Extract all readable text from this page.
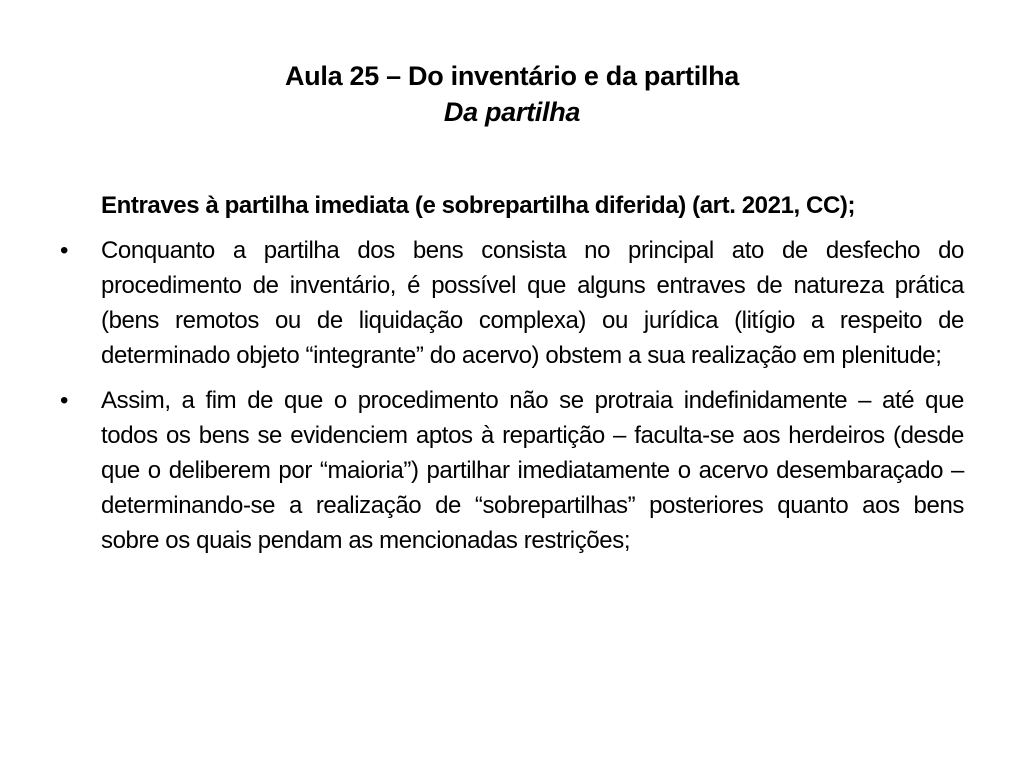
Aula 25 – Do inventário e da partilha
Da partilha
Entraves à partilha imediata (e sobrepartilha diferida) (art. 2021, CC);
•	Conquanto a partilha dos bens consista no principal ato de desfecho do procedimento de inventário, é possível que alguns entraves de natureza prática (bens remotos ou de liquidação complexa) ou jurídica (litígio a respeito de determinado objeto “integrante” do acervo) obstem a sua realização em plenitude;
•	Assim, a fim de que o procedimento não se protraia indefinidamente – até que todos os bens se evidenciem aptos à repartição – faculta-se aos herdeiros (desde que o deliberem por “maioria”) partilhar imediatamente o acervo desembaraçado – determinando-se a realização de “sobrepartilhas” posteriores quanto aos bens sobre os quais pendam as mencionadas restrições;
